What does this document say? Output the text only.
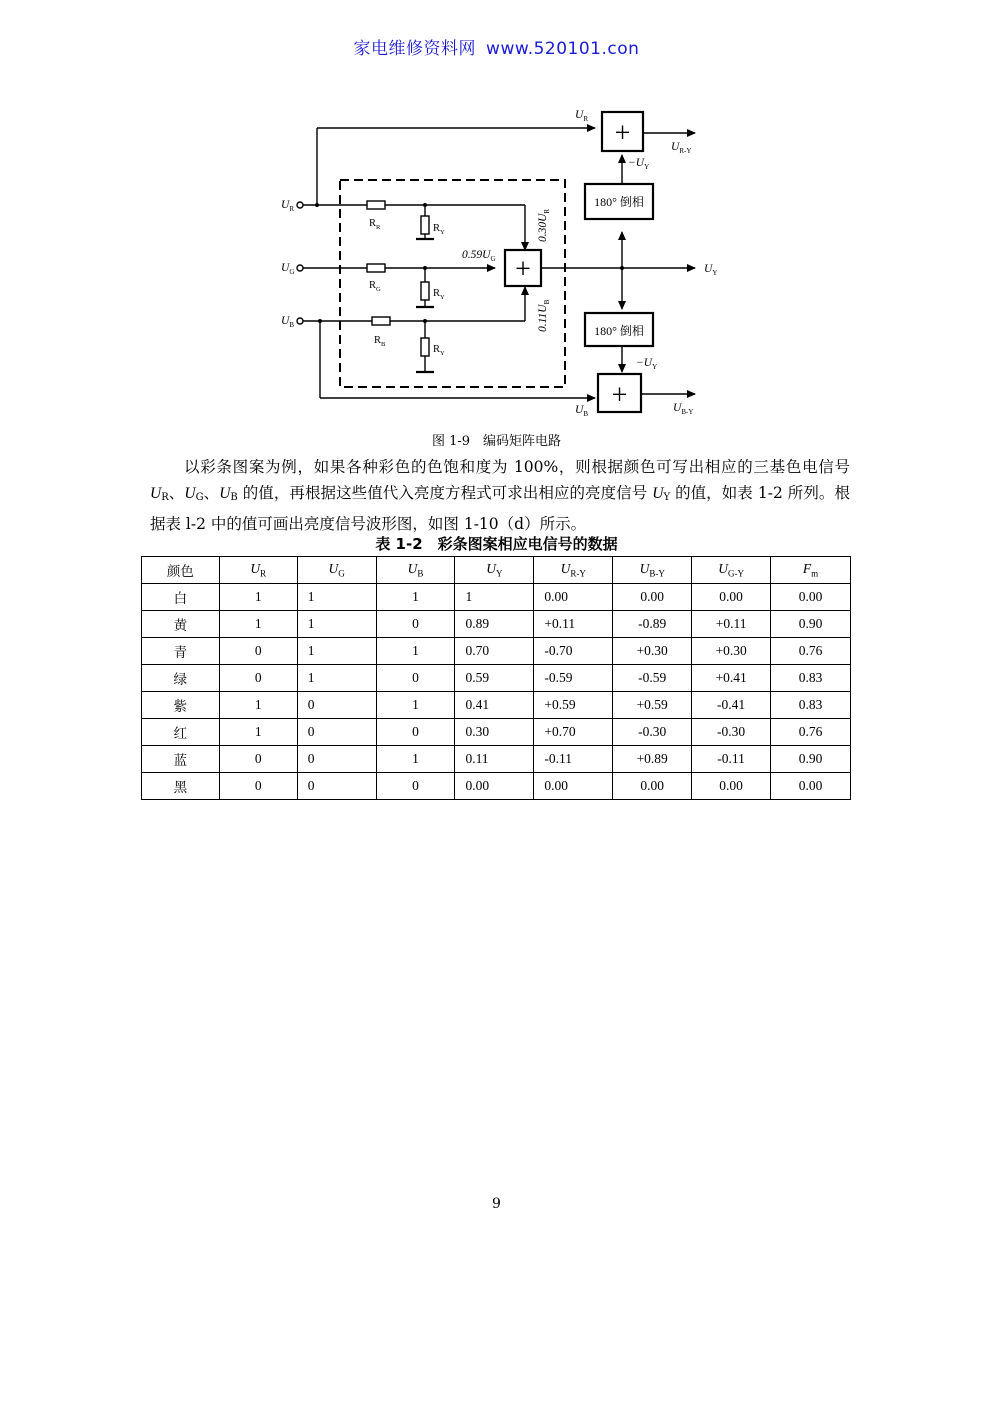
家电维修资料网 www.520101.con
+
+
+
180° 倒相
180° 倒相
$U_R$
$U_G$
$U_B$
$U_R$
$U_B$
$U_{R-Y}$
$U_Y$
$U_{B-Y}$
$-U_Y$
$-U_Y$
$0.59U_G$
$0.30U_R$
$0.11U_B$
$R_R$
$R_G$
$R_B$
$R_Y$
$R_Y$
$R_Y$
图 1-9　编码矩阵电路

以彩条图案为例，如果各种彩色的色饱和度为 100%，则根据颜色可写出相应的三基色电信号 $U_R$、$U_G$、$U_B$ 的值，再根据这些值代入亮度方程式可求出相应的亮度信号 $U_Y$ 的值，如表 1-2 所列。根据表 l-2 中的值可画出亮度信号波形图，如图 1-10（d）所示。

表 1-2　彩条图案相应电信号的数据
颜色	$U_R$	$U_G$	$U_B$	$U_Y$	$U_{R-Y}$	$U_{B-Y}$	$U_{G-Y}$	$F_m$
白	1	1	1	1	0.00	0.00	0.00	0.00
黄	1	1	0	0.89	+0.11	-0.89	+0.11	0.90
青	0	1	1	0.70	-0.70	+0.30	+0.30	0.76
绿	0	1	0	0.59	-0.59	-0.59	+0.41	0.83
紫	1	0	1	0.41	+0.59	+0.59	-0.41	0.83
红	1	0	0	0.30	+0.70	-0.30	-0.30	0.76
蓝	0	0	1	0.11	-0.11	+0.89	-0.11	0.90
黑	0	0	0	0.00	0.00	0.00	0.00	0.00
9
